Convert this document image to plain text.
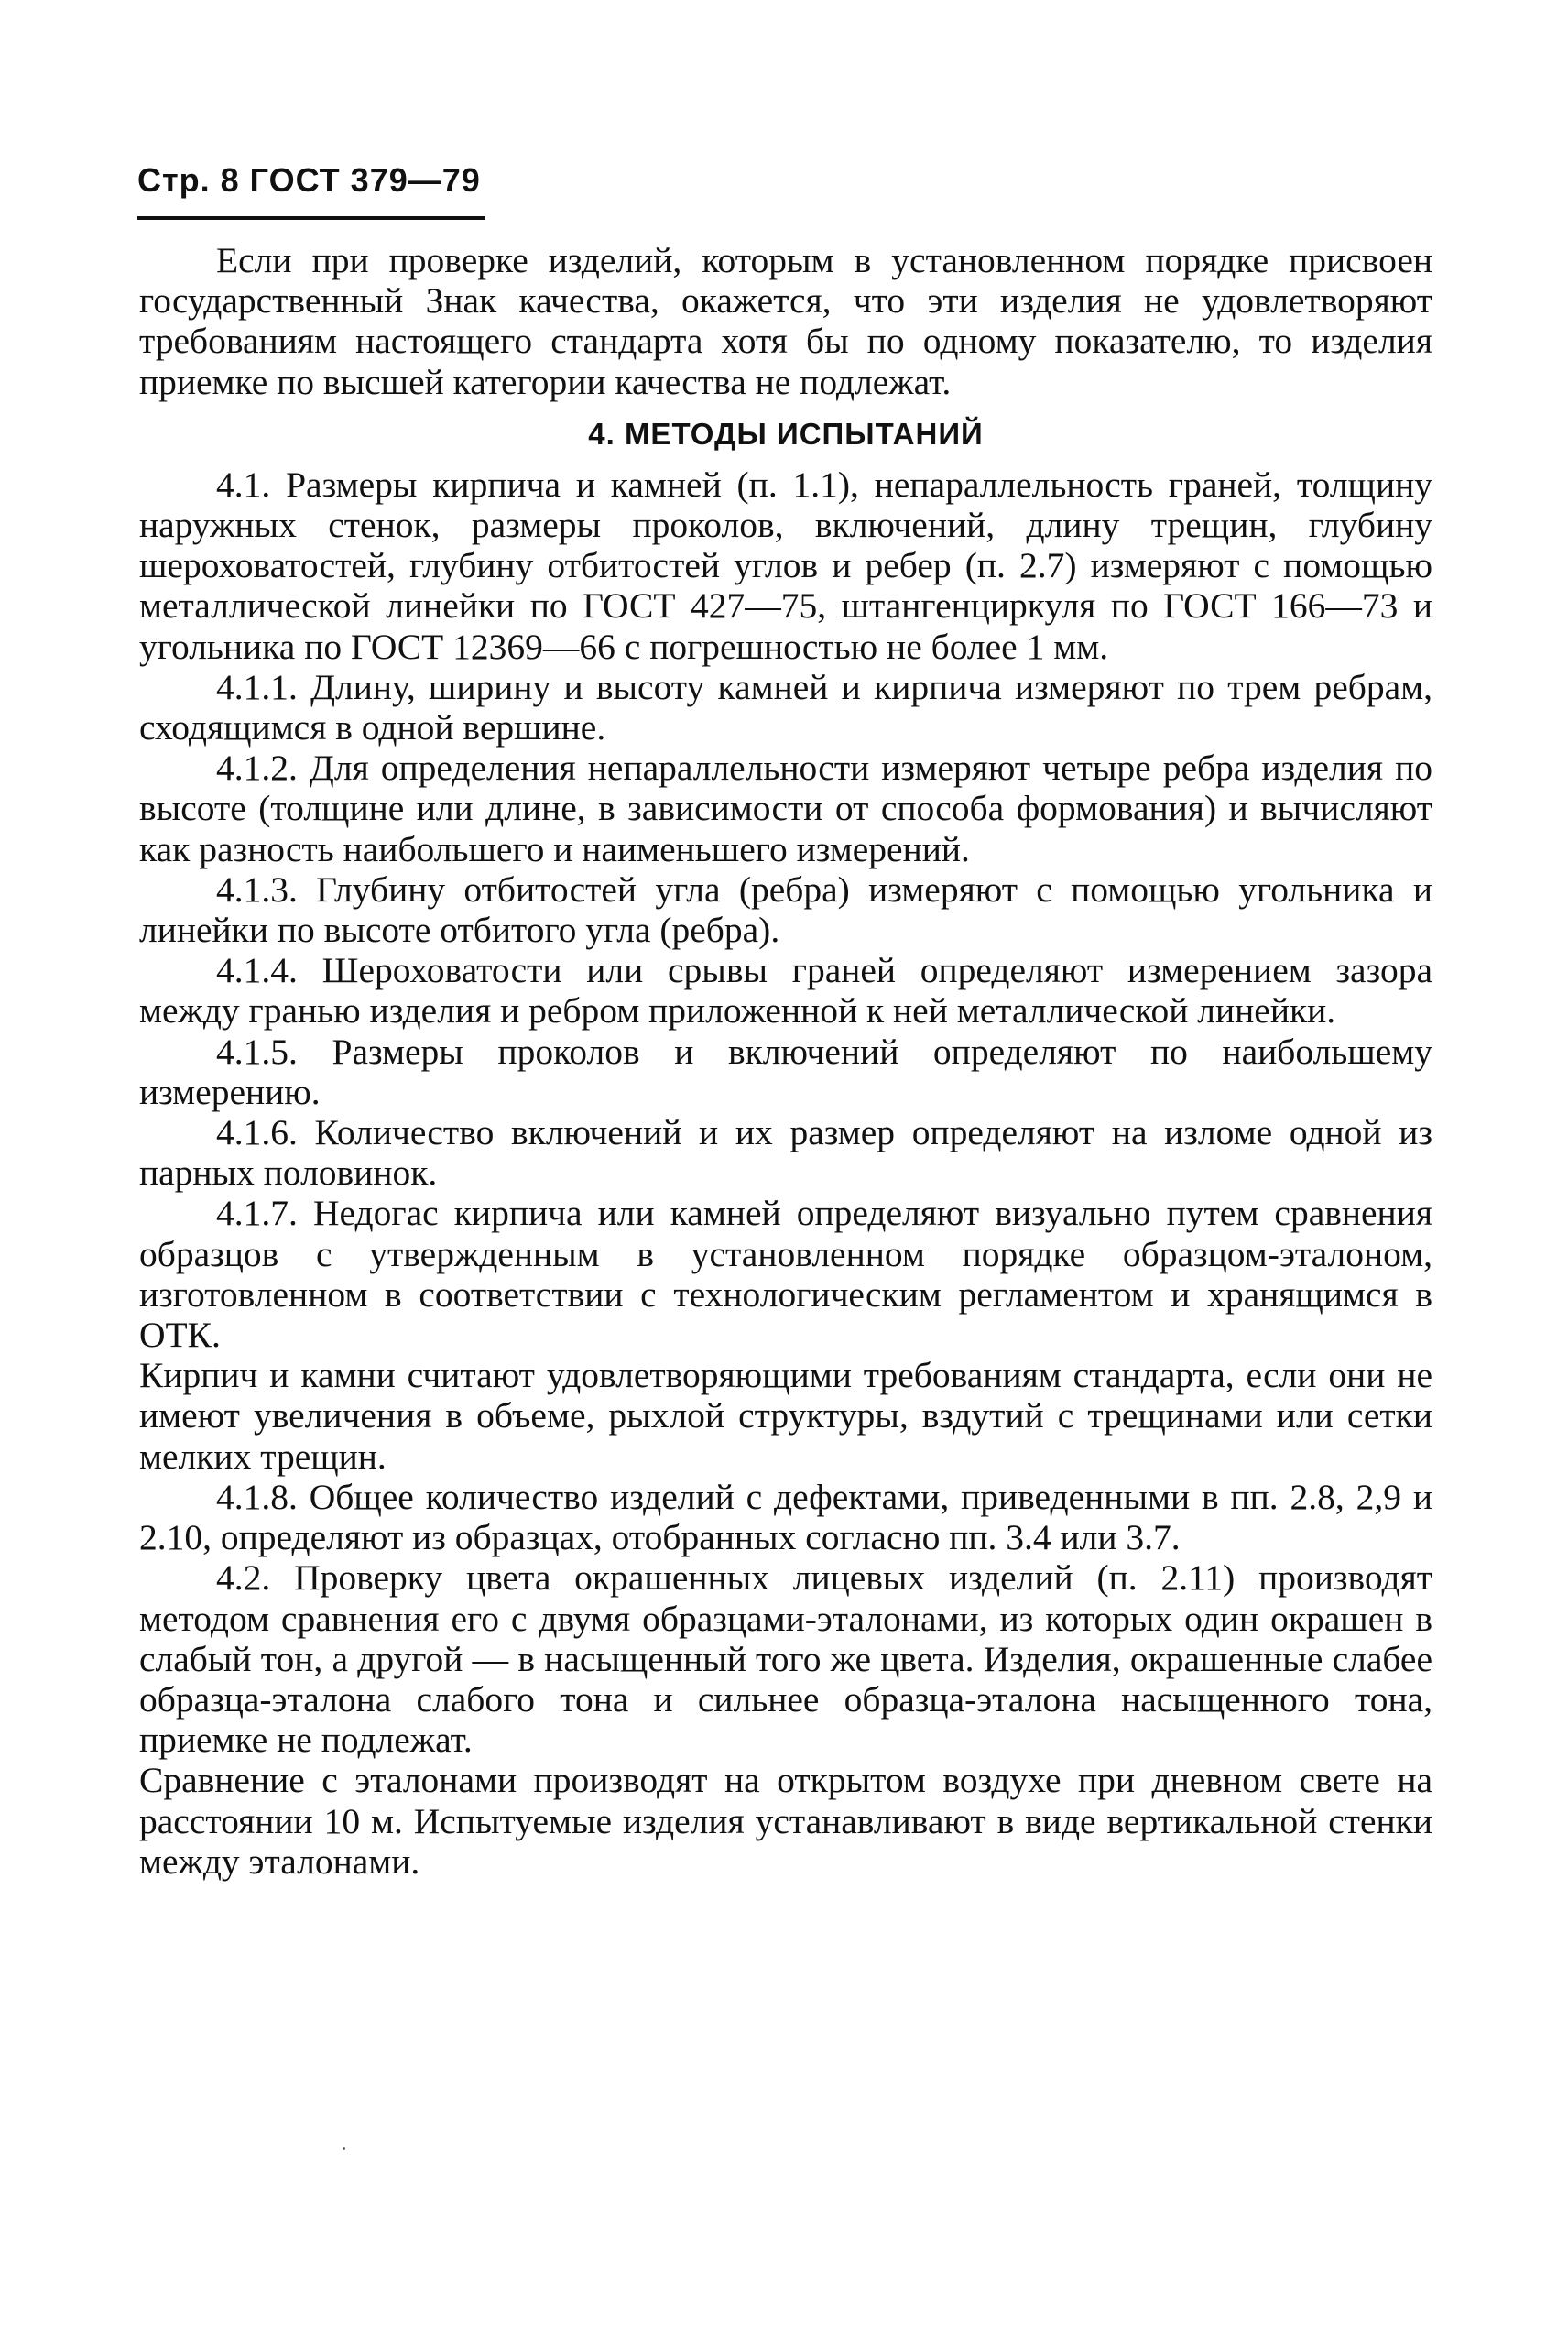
Стр. 8 ГОСТ 379—79

Если при проверке изделий, которым в установленном порядке присвоен государственный Знак качества, окажется, что эти изделия не удовлетворяют требованиям настоящего стандарта хотя бы по одному показателю, то изделия приемке по высшей категории качества не подлежат.

4. МЕТОДЫ ИСПЫТАНИЙ

4.1. Размеры кирпича и камней (п. 1.1), непараллельность граней, толщину наружных стенок, размеры проколов, включений, длину трещин, глубину шероховатостей, глубину отбитостей углов и ребер (п. 2.7) измеряют с помощью металлической линейки по ГОСТ 427—75, штангенциркуля по ГОСТ 166—73 и угольника по ГОСТ 12369—66 с погрешностью не более 1 мм.

4.1.1. Длину, ширину и высоту камней и кирпича измеряют по трем ребрам, сходящимся в одной вершине.

4.1.2. Для определения непараллельности измеряют четыре ребра изделия по высоте (толщине или длине, в зависимости от способа формования) и вычисляют как разность наибольшего и наименьшего измерений.

4.1.3. Глубину отбитостей угла (ребра) измеряют с помощью угольника и линейки по высоте отбитого угла (ребра).

4.1.4. Шероховатости или срывы граней определяют измерением зазора между гранью изделия и ребром приложенной к ней металлической линейки.

4.1.5. Размеры проколов и включений определяют по наибольшему измерению.

4.1.6. Количество включений и их размер определяют на изломе одной из парных половинок.

4.1.7. Недогас кирпича или камней определяют визуально путем сравнения образцов с утвержденным в установленном порядке образцом-эталоном, изготовленном в соответствии с технологическим регламентом и хранящимся в ОТК.

Кирпич и камни считают удовлетворяющими требованиям стандарта, если они не имеют увеличения в объеме, рыхлой структуры, вздутий с трещинами или сетки мелких трещин.

4.1.8. Общее количество изделий с дефектами, приведенными в пп. 2.8, 2,9 и 2.10, определяют из образцах, отобранных согласно пп. 3.4 или 3.7.

4.2. Проверку цвета окрашенных лицевых изделий (п. 2.11) производят методом сравнения его с двумя образцами-эталонами, из которых один окрашен в слабый тон, а другой — в насыщенный того же цвета. Изделия, окрашенные слабее образца-эталона слабого тона и сильнее образца-эталона насыщенного тона, приемке не подлежат.

Сравнение с эталонами производят на открытом воздухе при дневном свете на расстоянии 10 м. Испытуемые изделия устанавливают в виде вертикальной стенки между эталонами.
